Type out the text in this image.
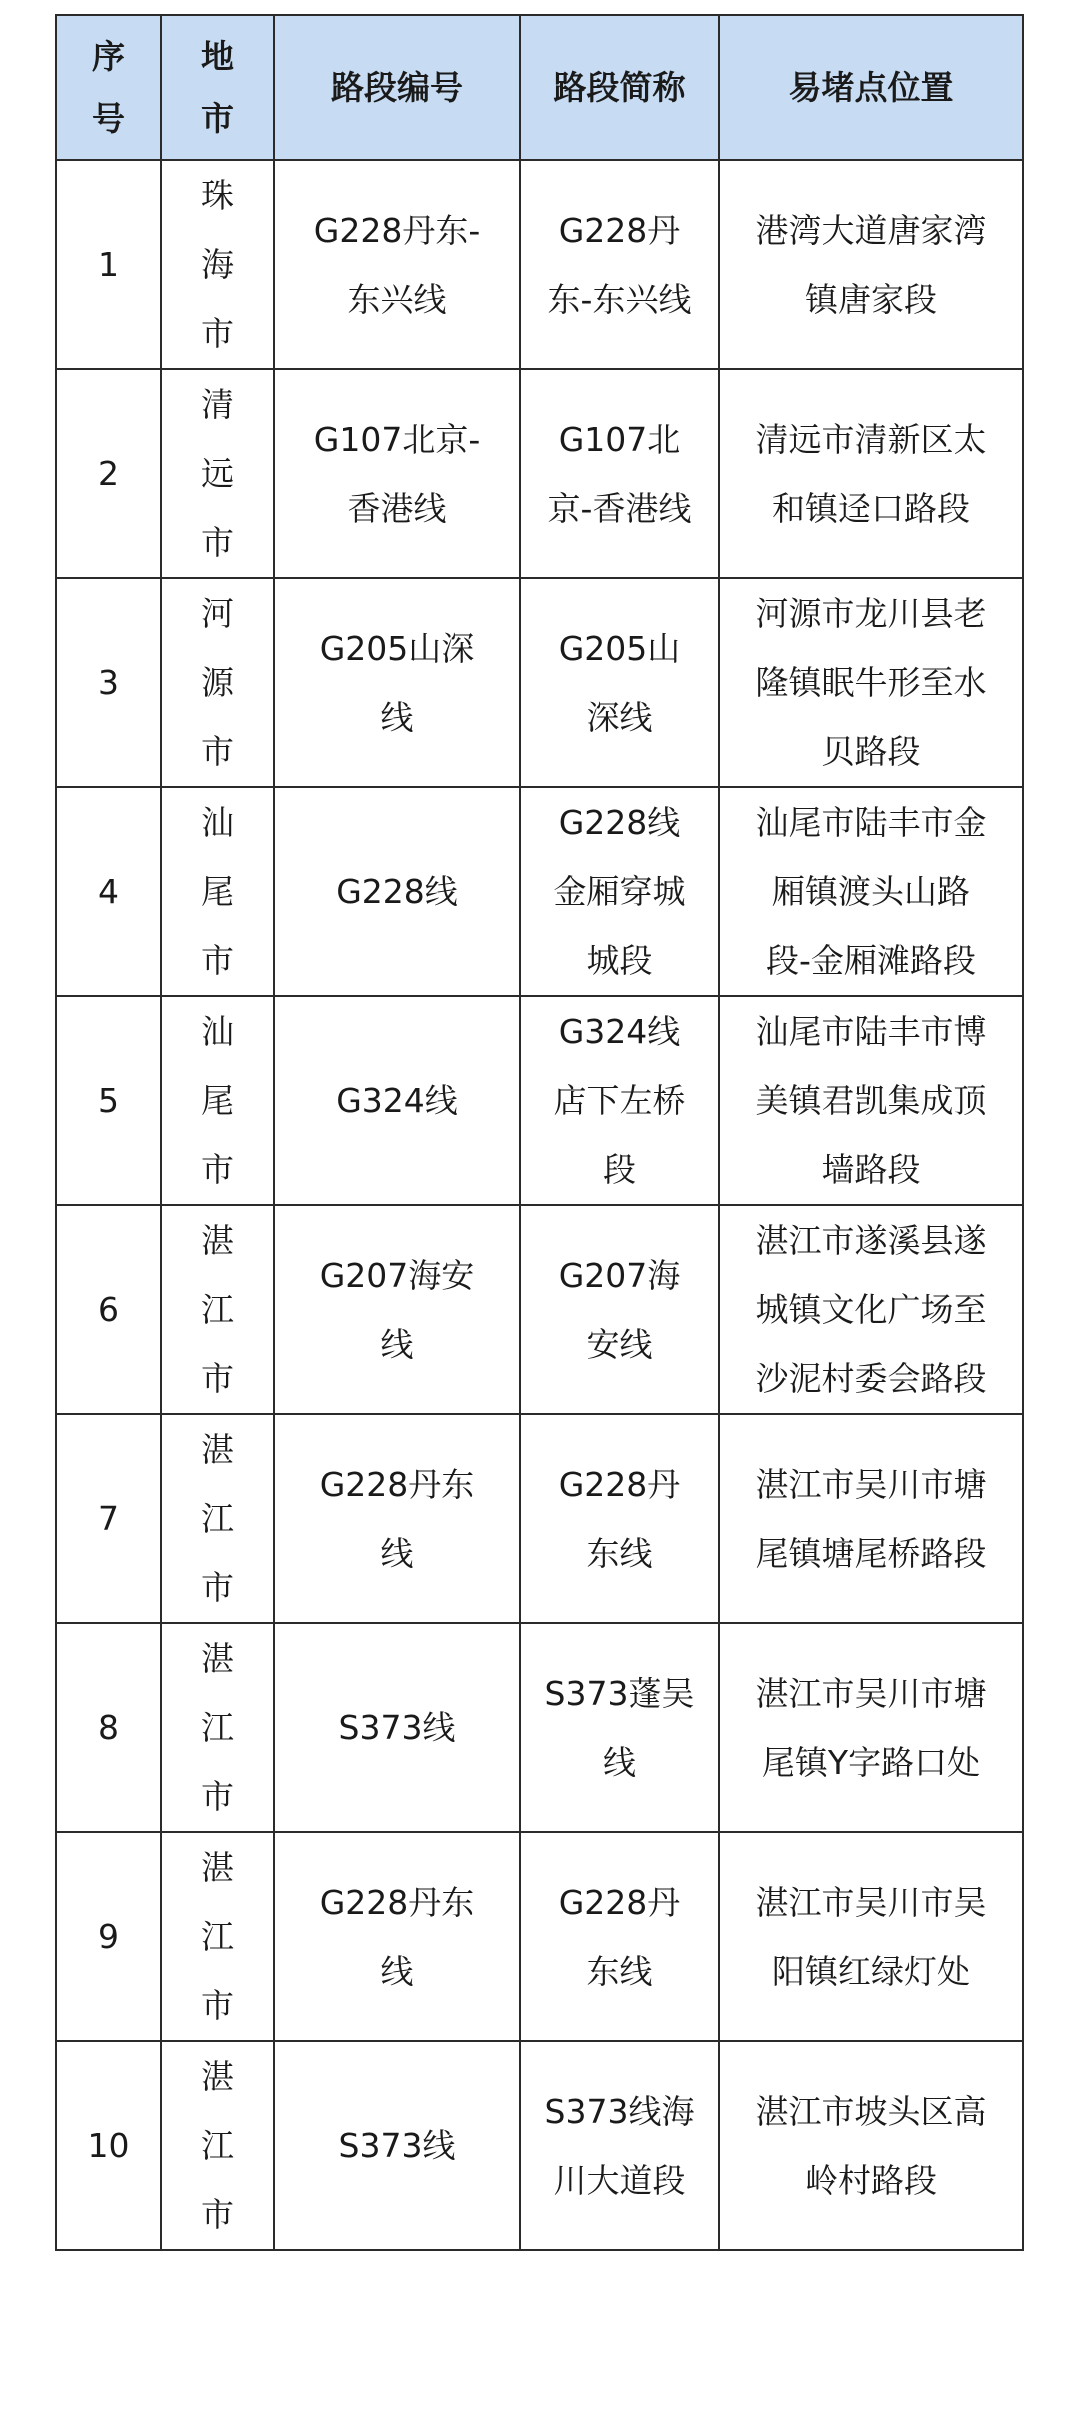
序号	地市	路段编号	路段简称	易堵点位置
1	珠海市	G228丹东-东兴线	G228丹东-东兴线	港湾大道唐家湾镇唐家段

2	清远市	G107北京-香港线	G107北京-香港线	清远市清新区太和镇迳口路段

3	河源市	G205山深线	G205山深线	河源市龙川县老隆镇眠牛形至水贝路段

4	汕尾市	G228线	G228线金厢穿城城段	汕尾市陆丰市金厢镇渡头山路段-金厢滩路段

5	汕尾市	G324线	G324线店下左桥段	汕尾市陆丰市博美镇君凯集成顶墙路段

6	湛江市	G207海安线	G207海安线	湛江市遂溪县遂城镇文化广场至沙泥村委会路段

7	湛江市	G228丹东线	G228丹东线	湛江市吴川市塘尾镇塘尾桥路段

8	湛江市	S373线	S373蓬吴线	湛江市吴川市塘尾镇Y字路口处

9	湛江市	G228丹东线	G228丹东线	湛江市吴川市吴阳镇红绿灯处

10	湛江市	S373线	S373线海川大道段	湛江市坡头区高岭村路段
